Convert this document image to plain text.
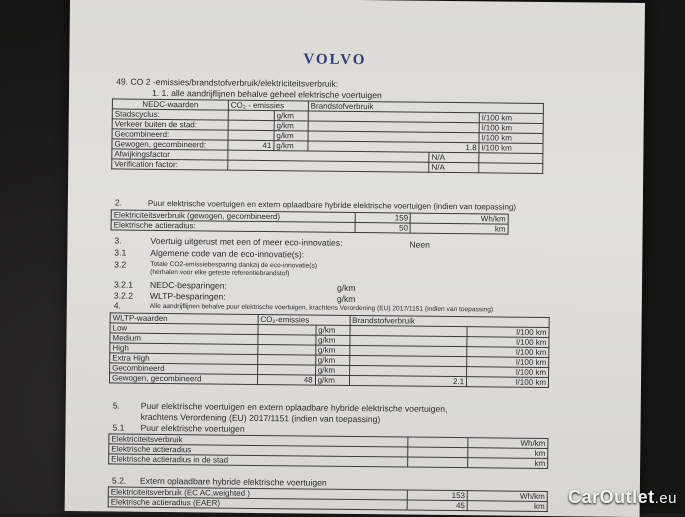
VOLVO
49. CO 2 -emissies/brandstofverbruik/elektriciteitsverbruik:
1. 1. alle aandrijflijnen behalve geheel elektrische voertuigen
NEDC-waarden	CO₂ - emissies		Brandstofverbruik		
Stadscyclus:		g/km			l/100 km
Verkeer buiten de stad:		g/km			l/100 km
Gecombineerd:		g/km			l/100 km
Gewogen, gecombineerd:	41	g/km	1.8		l/100 km
Afwijkingsfactor				N/A	
Verification factor:				N/A	
2.	Puur elektrische voertuigen en extern oplaadbare hybride elektrische voertuigen (indien van toepassing)
Elektriciteitsverbruik (gewogen, gecombineerd)	159	Wh/km
Elektrische actieradius:	50	km
3.	Voertuig uitgerust met een of meer eco-innovaties:	Neen
3.1	Algemene code van de eco-innovatie(s):
3.2	Totale CO2-emissiebesparing dankzij de eco-innovatie(s)
(herhalen voor elke geteste referentiebrandstof)
3.2.1 NEDC-besparingen:	g/km
3.2.2 WLTP-besparingen:	g/km
4.	Alle aandrijflijnen behalve puur elektrische voertuigen, krachtens Verordening (EU) 2017/1151 (indien van toepassing)
WLTP-waarden	CO₂-emissies		Brandstofverbruik	
Low		g/km		l/100 km
Medium		g/km		l/100 km
High		g/km		l/100 km
Extra High		g/km		l/100 km
Gecombineerd		g/km		l/100 km
Gewogen, gecombineerd	48	g/km	2.1	l/100 km
5. Puur elektrische voertuigen en extern oplaadbare hybride elektrische voertuigen,
krachtens Verordening (EU) 2017/1151 (indien van toepassing)
5.1 Puur elektrische voertuigen
Elektriciteitsverbruik		Wh/km
Elektrische actieradius		km
Elektrische actieradius in de stad		km
5.2. Extern oplaadbare hybride elektrische voertuigen
Elektriciteitsverbruik (EC AC,weighted )	153	Wh/km
Elektrische actieradius (EAER)	45	km CarOutlet.eu
